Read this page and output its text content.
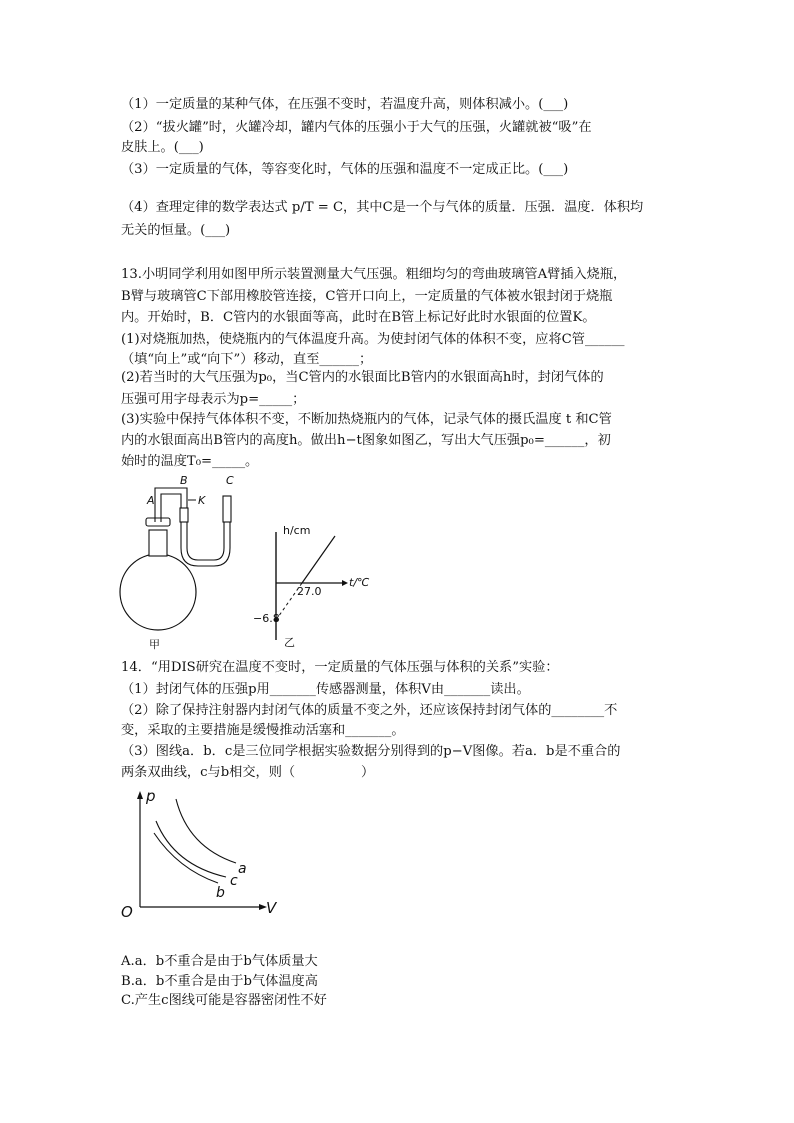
（1）一定质量的某种气体，在压强不变时，若温度升高，则体积减小。(___)
（2）“拔火罐”时，火罐冷却，罐内气体的压强小于大气的压强，火罐就被“吸”在
皮肤上。(___)
（3）一定质量的气体，等容变化时，气体的压强和温度不一定成正比。(___)
（4）查理定律的数学表达式 p/T = C，其中C是一个与气体的质量．压强．温度．体积均
无关的恒量。(___)
13.小明同学利用如图甲所示装置测量大气压强。粗细均匀的弯曲玻璃管A臂插入烧瓶，
B臂与玻璃管C下部用橡胶管连接，C管开口向上，一定质量的气体被水银封闭于烧瓶
内。开始时，B．C管内的水银面等高，此时在B管上标记好此时水银面的位置K。
(1)对烧瓶加热，使烧瓶内的气体温度升高。为使封闭气体的体积不变，应将C管______
（填“向上”或“向下”）移动，直至______；
(2)若当时的大气压强为p₀，当C管内的水银面比B管内的水银面高h时，封闭气体的
压强可用字母表示为p=_____；
(3)实验中保持气体体积不变，不断加热烧瓶内的气体，记录气体的摄氏温度 t 和C管
内的水银面高出B管内的高度h。做出h−t图象如图乙，写出大气压强p₀=______，初
始时的温度T₀=_____。
A
B
K
C
甲
h/cm
t/℃
27.0
−6.8
乙
14．“用DIS研究在温度不变时，一定质量的气体压强与体积的关系”实验：
（1）封闭气体的压强p用_______传感器测量，体积V由_______读出。
（2）除了保持注射器内封闭气体的质量不变之外，还应该保持封闭气体的________不
变，采取的主要措施是缓慢推动活塞和_______。
（3）图线a．b．c是三位同学根据实验数据分别得到的p−V图像。若a．b是不重合的
两条双曲线，c与b相交，则（　　　　　）
p
V
O
a
c
b
A.a．b不重合是由于b气体质量大
B.a．b不重合是由于b气体温度高
C.产生c图线可能是容器密闭性不好
